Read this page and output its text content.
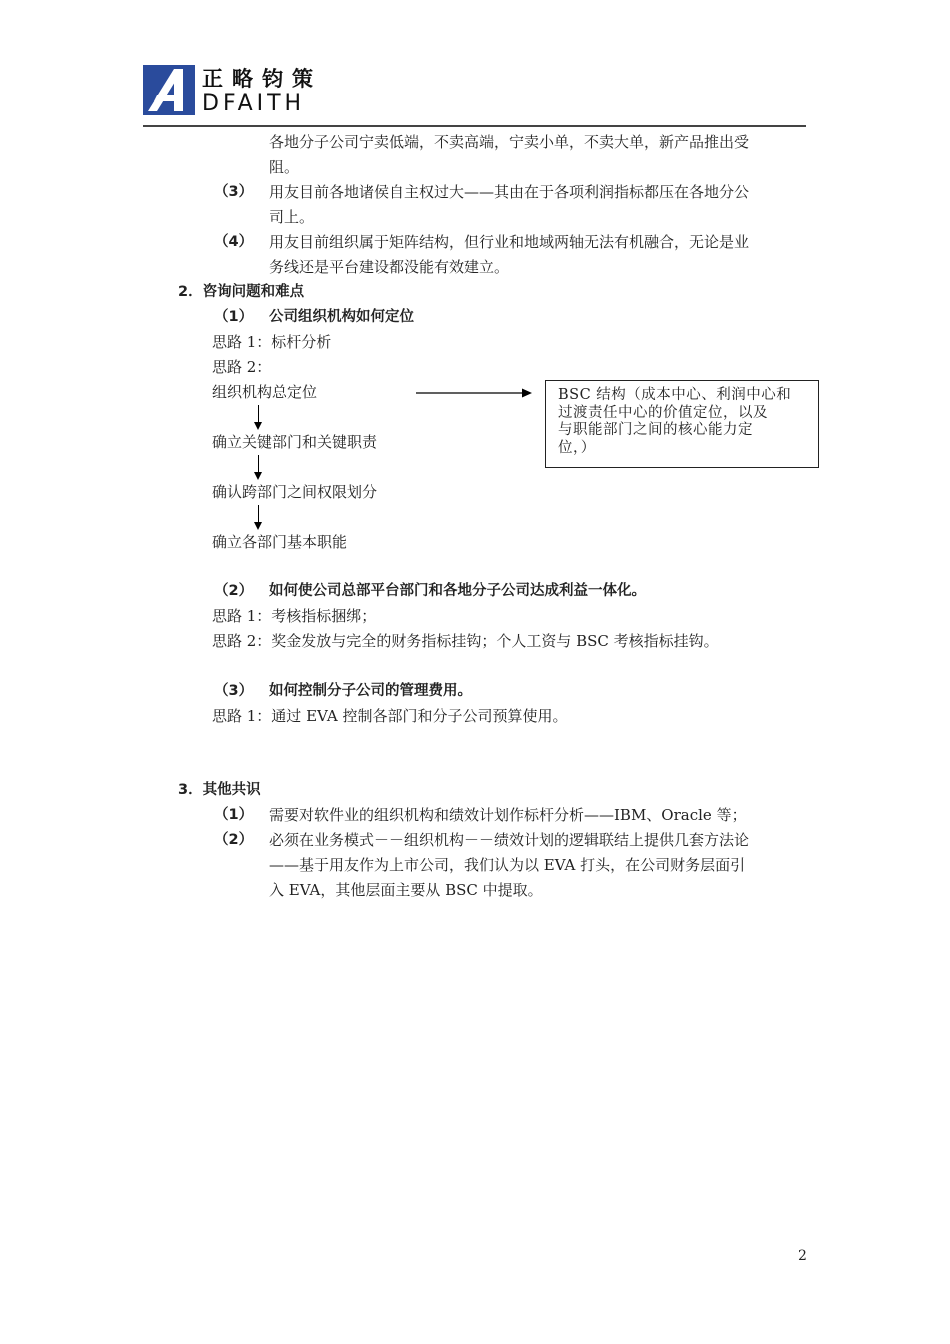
正略钧策
DFAITH
各地分子公司宁卖低端，不卖高端，宁卖小单，不卖大单，新产品推出受
阻。
（3） 用友目前各地诸侯自主权过大——其由在于各项利润指标都压在各地分公
司上。
（4） 用友目前组织属于矩阵结构，但行业和地域两轴无法有机融合，无论是业
务线还是平台建设都没能有效建立。
2．咨询问题和难点
（1） 公司组织机构如何定位
思路 1：标杆分析
思路 2：
组织机构总定位
确立关键部门和关键职责
确认跨部门之间权限划分
确立各部门基本职能
BSC 结构（成本中心、利润中心和
过渡责任中心的价值定位，以及
与职能部门之间的核心能力定
位，）
（2） 如何使公司总部平台部门和各地分子公司达成利益一体化。
思路 1：考核指标捆绑；
思路 2：奖金发放与完全的财务指标挂钩；个人工资与 BSC 考核指标挂钩。
（3） 如何控制分子公司的管理费用。
思路 1：通过 EVA 控制各部门和分子公司预算使用。
3．其他共识
（1） 需要对软件业的组织机构和绩效计划作标杆分析——IBM、Oracle 等；
（2） 必须在业务模式－－组织机构－－绩效计划的逻辑联结上提供几套方法论
——基于用友作为上市公司，我们认为以 EVA 打头，在公司财务层面引
入 EVA，其他层面主要从 BSC 中提取。
2
